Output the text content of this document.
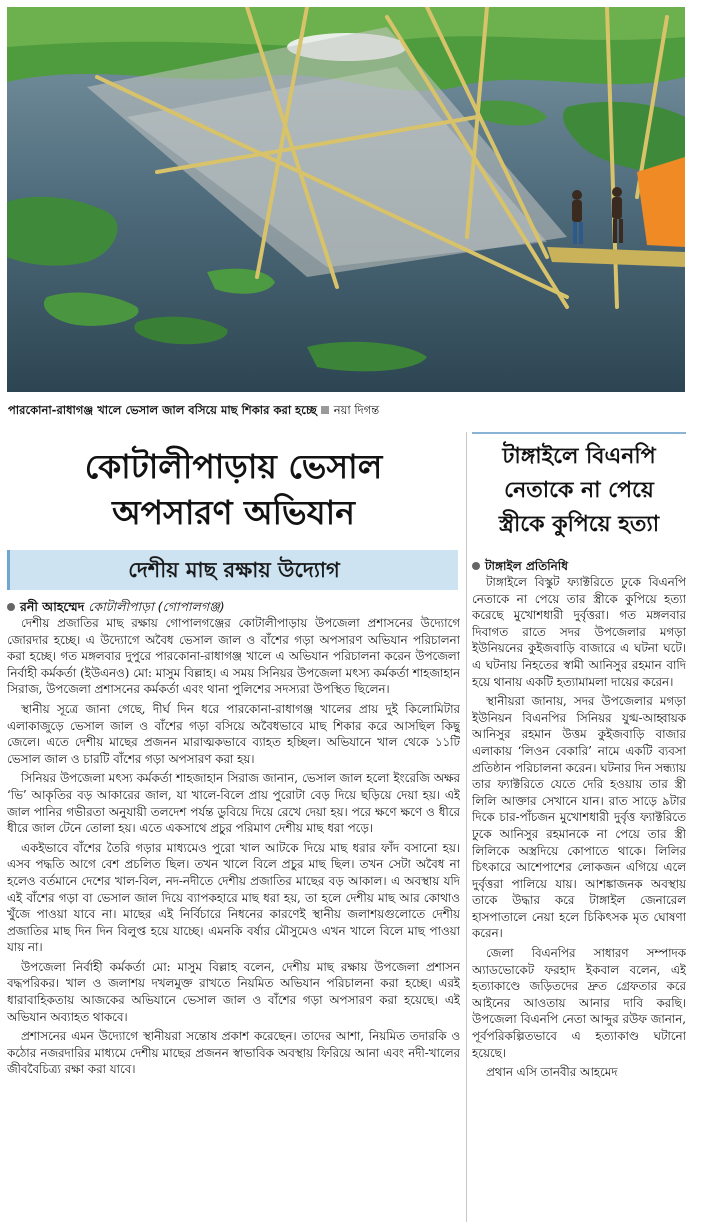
পারকোনা-রাধাগঞ্জ খালে ভেসাল জাল বসিয়ে মাছ শিকার করা হচ্ছে নয়া দিগন্ত
কোটালীপাড়ায় ভেসাল
অপসারণ অভিযান
দেশীয় মাছ রক্ষায় উদ্যোগ
রনী আহম্মেদ কোটালীপাড়া (গোপালগঞ্জ)

দেশীয় প্রজাতির মাছ রক্ষায় গোপালগঞ্জের কোটালীপাড়ায় উপজেলা প্রশাসনের উদ্যোগে জোরদার হচ্ছে। এ উদ্যোগে অবৈধ ভেসাল জাল ও বাঁশের গড়া অপসারণ অভিযান পরিচালনা করা হচ্ছে। গত মঙ্গলবার দুপুরে পারকোনা-রাধাগঞ্জ খালে এ অভিযান পরিচালনা করেন উপজেলা নির্বাহী কর্মকর্তা (ইউএনও) মো: মাসুম বিল্লাহ। এ সময় সিনিয়র উপজেলা মৎস্য কর্মকর্তা শাহজাহান সিরাজ, উপজেলা প্রশাসনের কর্মকর্তা এবং থানা পুলিশের সদস্যরা উপস্থিত ছিলেন।

স্থানীয় সূত্রে জানা গেছে, দীর্ঘ দিন ধরে পারকোনা-রাধাগঞ্জ খালের প্রায় দুই কিলোমিটার এলাকাজুড়ে ভেসাল জাল ও বাঁশের গড়া বসিয়ে অবৈধভাবে মাছ শিকার করে আসছিল কিছু জেলে। এতে দেশীয় মাছের প্রজনন মারাত্মকভাবে ব্যাহত হচ্ছিল। অভিযানে খাল থেকে ১১টি ভেসাল জাল ও চারটি বাঁশের গড়া অপসারণ করা হয়।

সিনিয়র উপজেলা মৎস্য কর্মকর্তা শাহজাহান সিরাজ জানান, ভেসাল জাল হলো ইংরেজি অক্ষর ‘ভি’ আকৃতির বড় আকারের জাল, যা খালে-বিলে প্রায় পুরোটা বেড় দিয়ে ছড়িয়ে দেয়া হয়। এই জাল পানির গভীরতা অনুযায়ী তলদেশ পর্যন্ত ডুবিয়ে দিয়ে রেখে দেয়া হয়। পরে ক্ষণে ক্ষণে ও ধীরে ধীরে জাল টেনে তোলা হয়। এতে একসাথে প্রচুর পরিমাণ দেশীয় মাছ ধরা পড়ে।

একইভাবে বাঁশের তৈরি গড়ার মাধ্যমেও পুরো খাল আটকে দিয়ে মাছ ধরার ফাঁদ বসানো হয়। এসব পদ্ধতি আগে বেশ প্রচলিত ছিল। তখন খালে বিলে প্রচুর মাছ ছিল। তখন সেটা অবৈধ না হলেও বর্তমানে দেশের খাল-বিল, নদ-নদীতে দেশীয় প্রজাতির মাছের বড় আকাল। এ অবস্থায় যদি এই বাঁশের গড়া বা ভেসাল জাল দিয়ে ব্যাপকহারে মাছ ধরা হয়, তা হলে দেশীয় মাছ আর কোথাও খুঁজে পাওয়া যাবে না। মাছের এই নির্বিচারে নিধনের কারণেই স্থানীয় জলাশয়গুলোতে দেশীয় প্রজাতির মাছ দিন দিন বিলুপ্ত হয়ে যাচ্ছে। এমনকি বর্ষার মৌসুমেও এখন খালে বিলে মাছ পাওয়া যায় না।

উপজেলা নির্বাহী কর্মকর্তা মো: মাসুম বিল্লাহ বলেন, দেশীয় মাছ রক্ষায় উপজেলা প্রশাসন বদ্ধপরিকর। খাল ও জলাশয় দখলমুক্ত রাখতে নিয়মিত অভিযান পরিচালনা করা হচ্ছে। এরই ধারাবাহিকতায় আজকের অভিযানে ভেসাল জাল ও বাঁশের গড়া অপসারণ করা হয়েছে। এই অভিযান অব্যাহত থাকবে।

প্রশাসনের এমন উদ্যোগে স্থানীয়রা সন্তোষ প্রকাশ করেছেন। তাদের আশা, নিয়মিত তদারকি ও কঠোর নজরদারির মাধ্যমে দেশীয় মাছের প্রজনন স্বাভাবিক অবস্থায় ফিরিয়ে আনা এবং নদী-খালের জীববৈচিত্র্য রক্ষা করা যাবে।

টাঙ্গাইলে বিএনপি
নেতাকে না পেয়ে
স্ত্রীকে কুপিয়ে হত্যা
টাঙ্গাইল প্রতিনিধি

টাঙ্গাইলে বিস্কুট ফ্যাক্টরিতে ঢুকে বিএনপি নেতাকে না পেয়ে তার স্ত্রীকে কুপিয়ে হত্যা করেছে মুখোশধারী দুর্বৃত্তরা। গত মঙ্গলবার দিবাগত রাতে সদর উপজেলার মগড়া ইউনিয়নের কুইজবাড়ি বাজারে এ ঘটনা ঘটে। এ ঘটনায় নিহতের স্বামী আনিসুর রহমান বাদি হয়ে থানায় একটি হত্যামামলা দায়ের করেন।

স্থানীয়রা জানায়, সদর উপজেলার মগড়া ইউনিয়ন বিএনপির সিনিয়র যুগ্ম-আহ্বায়ক আনিসুর রহমান উত্তম কুইজবাড়ি বাজার এলাকায় ‘লিওন বেকারি’ নামে একটি ব্যবসা প্রতিষ্ঠান পরিচালনা করেন। ঘটনার দিন সন্ধ্যায় তার ফ্যাক্টরিতে যেতে দেরি হওয়ায় তার স্ত্রী লিলি আক্তার সেখানে যান। রাত সাড়ে ৯টার দিকে চার-পাঁচজন মুখোশধারী দুর্বৃত্ত ফ্যাক্টরিতে ঢুকে আনিসুর রহমানকে না পেয়ে তার স্ত্রী লিলিকে অস্ত্রদিয়ে কোপাতে থাকে। লিলির চিৎকারে আশেপাশের লোকজন এগিয়ে এলে দুর্বৃত্তরা পালিয়ে যায়। আশঙ্কাজনক অবস্থায় তাকে উদ্ধার করে টাঙ্গাইল জেনারেল হাসপাতালে নেয়া হলে চিকিৎসক মৃত ঘোষণা করেন।

জেলা বিএনপির সাধারণ সম্পাদক অ্যাডভোকেট ফরহাদ ইকবাল বলেন, এই হত্যাকাণ্ডে জড়িতদের দ্রুত গ্রেফতার করে আইনের আওতায় আনার দাবি করছি। উপজেলা বিএনপি নেতা আব্দুর রউফ জানান, পূর্বপরিকল্পিতভাবে এ হত্যাকাণ্ড ঘটানো হয়েছে।

প্রথান এসি তানবীর আহমেদ
